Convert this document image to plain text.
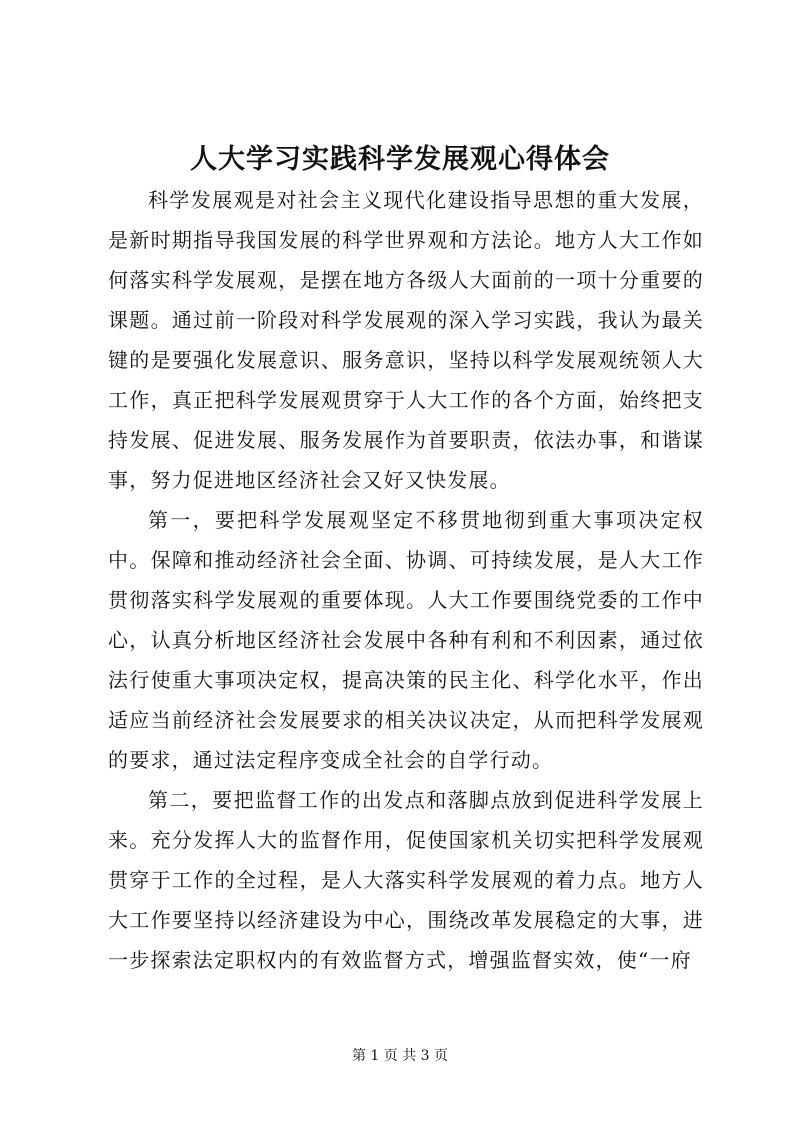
人大学习实践科学发展观心得体会

科学发展观是对社会主义现代化建设指导思想的重大发展，是新时期指导我国发展的科学世界观和方法论。地方人大工作如何落实科学发展观，是摆在地方各级人大面前的一项十分重要的课题。通过前一阶段对科学发展观的深入学习实践，我认为最关键的是要强化发展意识、服务意识，坚持以科学发展观统领人大工作，真正把科学发展观贯穿于人大工作的各个方面，始终把支持发展、促进发展、服务发展作为首要职责，依法办事，和谐谋事，努力促进地区经济社会又好又快发展。

第一，要把科学发展观坚定不移贯地彻到重大事项决定权中。保障和推动经济社会全面、协调、可持续发展，是人大工作贯彻落实科学发展观的重要体现。人大工作要围绕党委的工作中心，认真分析地区经济社会发展中各种有利和不利因素，通过依法行使重大事项决定权，提高决策的民主化、科学化水平，作出适应当前经济社会发展要求的相关决议决定，从而把科学发展观的要求，通过法定程序变成全社会的自学行动。

第二，要把监督工作的出发点和落脚点放到促进科学发展上来。充分发挥人大的监督作用，促使国家机关切实把科学发展观贯穿于工作的全过程，是人大落实科学发展观的着力点。地方人大工作要坚持以经济建设为中心，围绕改革发展稳定的大事，进一步探索法定职权内的有效监督方式，增强监督实效，使“一府

第 1 页 共 3 页
